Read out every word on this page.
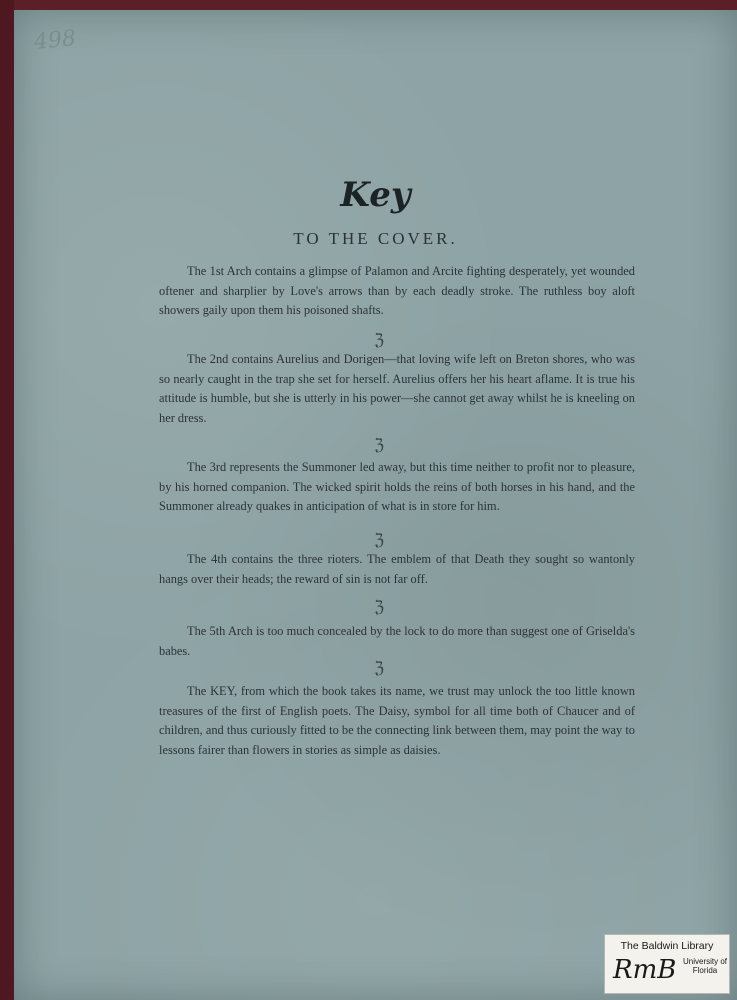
498
Key
TO THE COVER.
The 1st Arch contains a glimpse of Palamon and Arcite fighting desperately, yet wounded oftener and sharplier by Love's arrows than by each deadly stroke. The ruthless boy aloft showers gaily upon them his poisoned shafts.
ℨ
The 2nd contains Aurelius and Dorigen—that loving wife left on Breton shores, who was so nearly caught in the trap she set for herself. Aurelius offers her his heart aflame. It is true his attitude is humble, but she is utterly in his power—she cannot get away whilst he is kneeling on her dress.
ℨ
The 3rd represents the Summoner led away, but this time neither to profit nor to pleasure, by his horned companion. The wicked spirit holds the reins of both horses in his hand, and the Summoner already quakes in anticipation of what is in store for him.
ℨ
The 4th contains the three rioters. The emblem of that Death they sought so wantonly hangs over their heads; the reward of sin is not far off.
ℨ
The 5th Arch is too much concealed by the lock to do more than suggest one of Griselda's babes.
ℨ
The KEY, from which the book takes its name, we trust may unlock the too little known treasures of the first of English poets. The Daisy, symbol for all time both of Chaucer and of children, and thus curiously fitted to be the connecting link between them, may point the way to lessons fairer than flowers in stories as simple as daisies.
The Baldwin Library
RmB University of Florida
